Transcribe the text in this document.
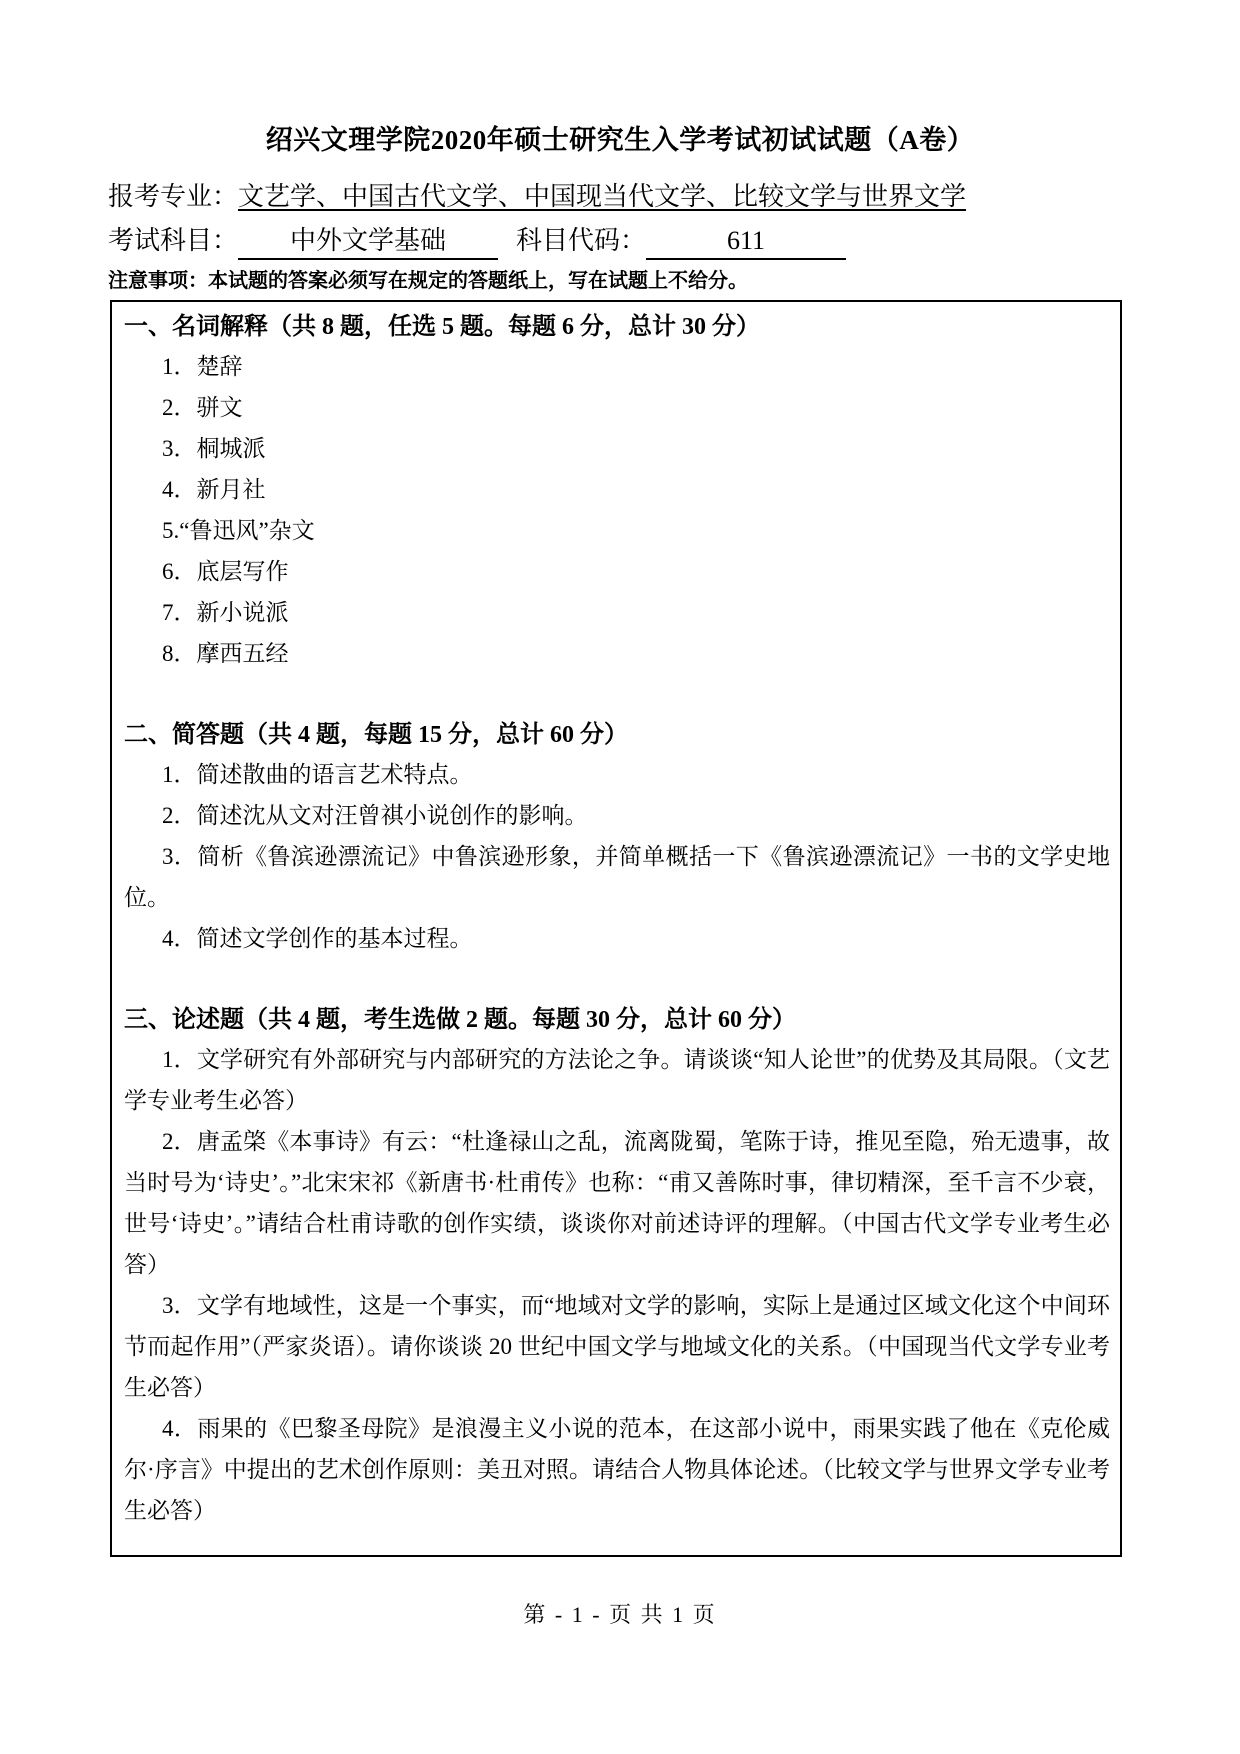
绍兴文理学院2020年硕士研究生入学考试初试试题（A卷）
报考专业：文艺学、中国古代文学、中国现当代文学、比较文学与世界文学
考试科目： 中外文学基础	科目代码：	611
注意事项：本试题的答案必须写在规定的答题纸上，写在试题上不给分。

一、名词解释（共 8 题，任选 5 题。每题 6 分，总计 30 分）

1．楚辞

2．骈文

3．桐城派

4．新月社

5.“鲁迅风”杂文

6．底层写作

7．新小说派

8．摩西五经

二、简答题（共 4 题，每题 15 分，总计 60 分）

1．简述散曲的语言艺术特点。

2．简述沈从文对汪曾祺小说创作的影响。

3．简析《鲁滨逊漂流记》中鲁滨逊形象，并简单概括一下《鲁滨逊漂流记》一书的文学史地位。

4．简述文学创作的基本过程。

三、论述题（共 4 题，考生选做 2 题。每题 30 分，总计 60 分）

1．文学研究有外部研究与内部研究的方法论之争。请谈谈“知人论世”的优势及其局限。（文艺学专业考生必答）

2．唐孟棨《本事诗》有云：“杜逢禄山之乱，流离陇蜀，笔陈于诗，推见至隐，殆无遗事，故当时号为‘诗史’。”北宋宋祁《新唐书·杜甫传》也称：“甫又善陈时事，律切精深，至千言不少衰，世号‘诗史’。”请结合杜甫诗歌的创作实绩，谈谈你对前述诗评的理解。（中国古代文学专业考生必答）

3．文学有地域性，这是一个事实，而“地域对文学的影响，实际上是通过区域文化这个中间环节而起作用”（严家炎语）。请你谈谈 20 世纪中国文学与地域文化的关系。（中国现当代文学专业考生必答）

4．雨果的《巴黎圣母院》是浪漫主义小说的范本，在这部小说中，雨果实践了他在《克伦威尔·序言》中提出的艺术创作原则：美丑对照。请结合人物具体论述。（比较文学与世界文学专业考生必答）

第 - 1 - 页 共 1 页
